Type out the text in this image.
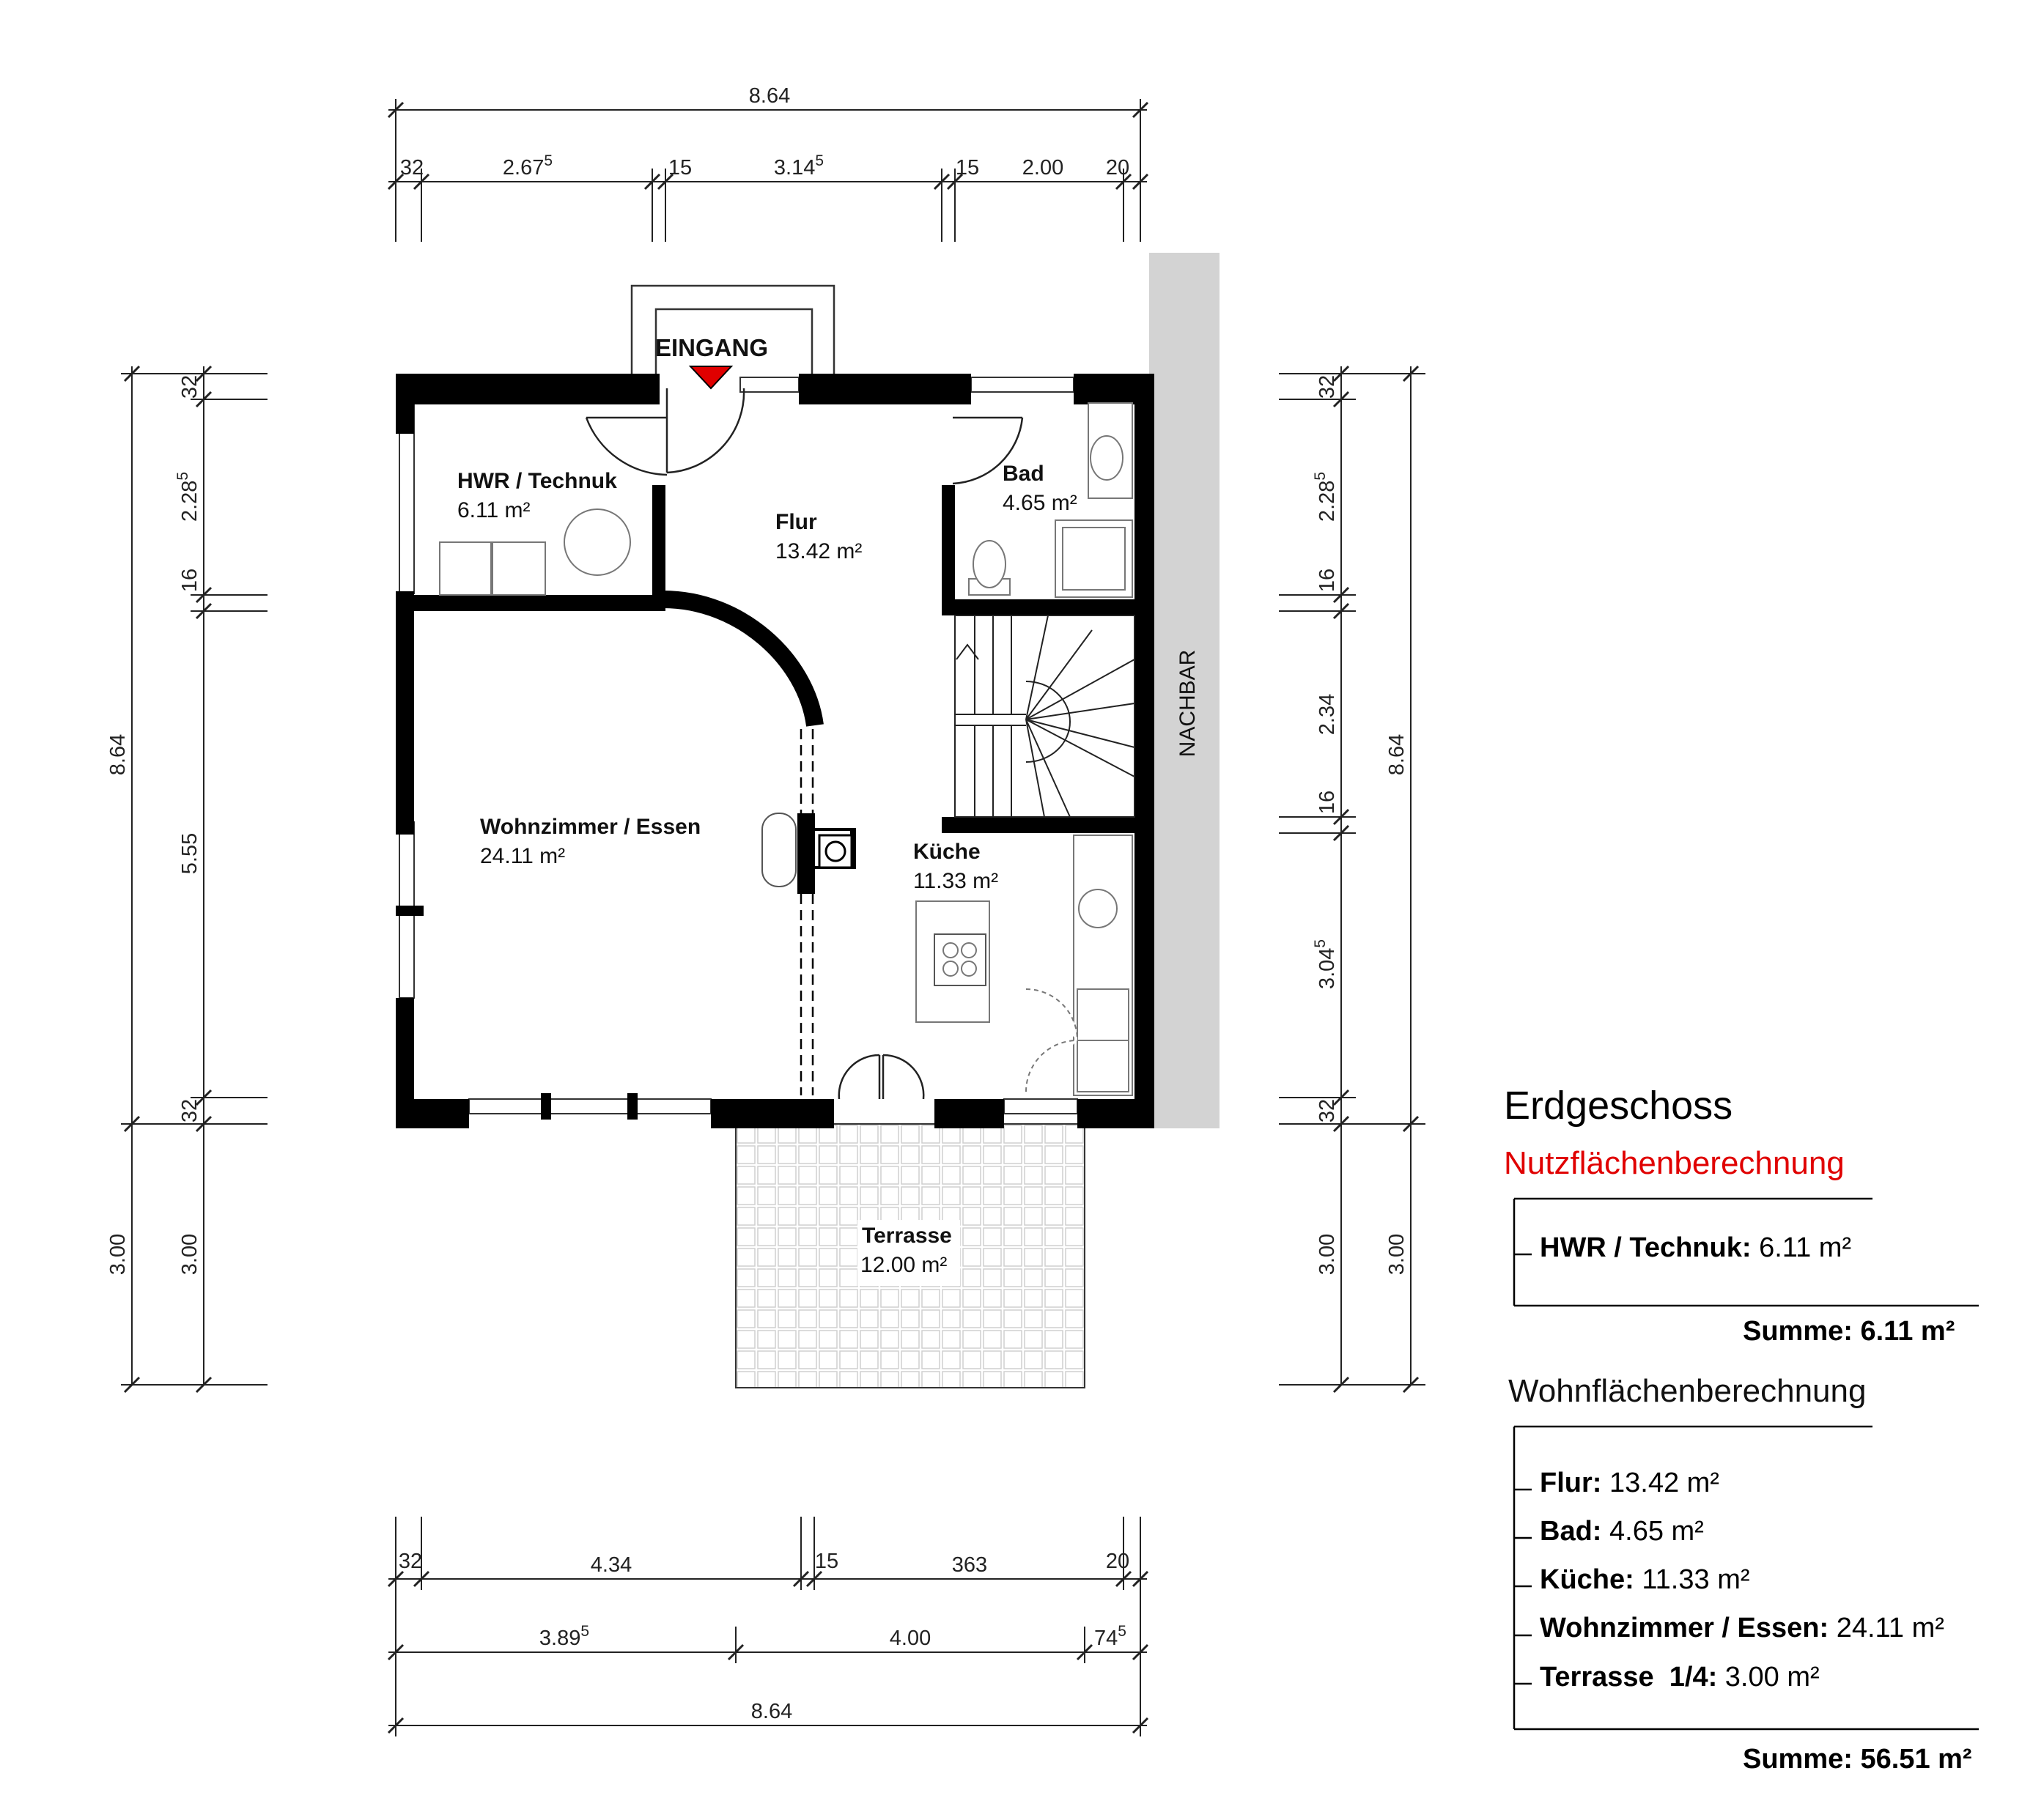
NACHBAR
HWR / Technuk
6.11 m²	Flur
13.42 m²
Bad
4.65 m²
Wohnzimmer / Essen
24.11 m²	Küche
11.33 m²
Terrasse
12.00 m²
EINGANG
8.64
32	2.67$^5$	15	3.14$^5$	15 2.00 20
8.64
32
2.28$^5$
16
5.55
32
3.00 3.00
32
2.28$^5$
16
2.34
16
3.04$^5$
32
8.64
3.00 3.00
32	4.34	15	363	20
3.89$^5$	4.00	$74^5$
8.64
Erdgeschoss
Nutzflächenberechnung
HWR / Technuk: 6.11 m²
Summe: 6.11 m²
Wohnflächenberechnung
Flur: 13.42 m²
Bad: 4.65 m²
Küche: 11.33 m²
Wohnzimmer / Essen: 24.11 m²
Terrasse  1/4: 3.00 m²
Summe: 56.51 m²
